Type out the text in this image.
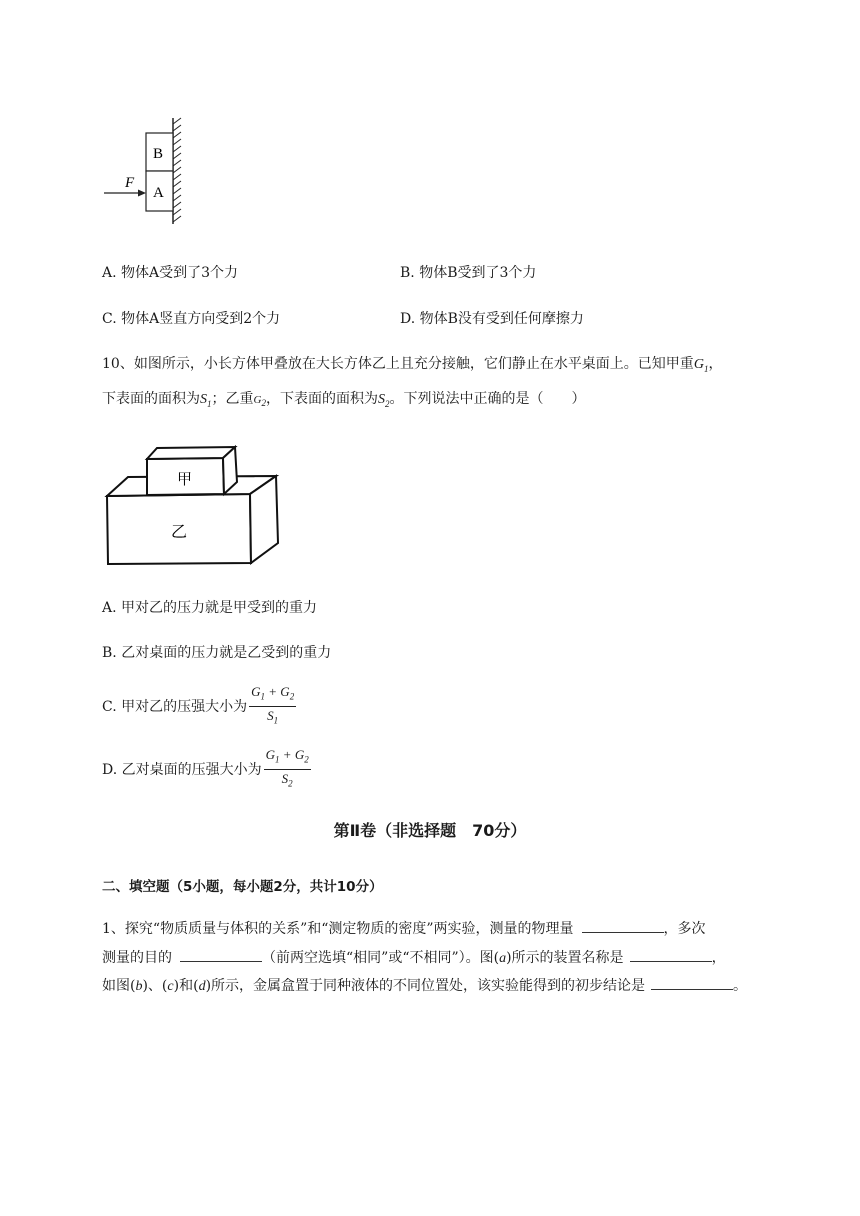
B
A
F
A. 物体A受到了3个力	B. 物体B受到了3个力
C. 物体A竖直方向受到2个力	D. 物体B没有受到任何摩擦力
10、如图所示，小长方体甲叠放在大长方体乙上且充分接触，它们静止在水平桌面上。已知甲重$G_1$，
下表面的面积为$S_1$；乙重$G_2$，下表面的面积为$S_2$。下列说法中正确的是（　　）
甲
乙
A. 甲对乙的压力就是甲受到的重力
B. 乙对桌面的压力就是乙受到的重力
C. 甲对乙的压强大小为 $\frac{G_1 + G_2}{S_1}$
D. 乙对桌面的压强大小为 $\frac{G_1 + G_2}{S_2}$
第Ⅱ卷（非选择题　70分）
二、填空题（5小题，每小题2分，共计10分）
1、探究“物质质量与体积的关系”和“测定物质的密度”两实验，测量的物理量	，多次
测量的目的	（前两空选填“相同”或“不相同”）。图(a)所示的装置名称是	，
如图(b)、(c)和(d)所示，金属盒置于同种液体的不同位置处，该实验能得到的初步结论是	。
